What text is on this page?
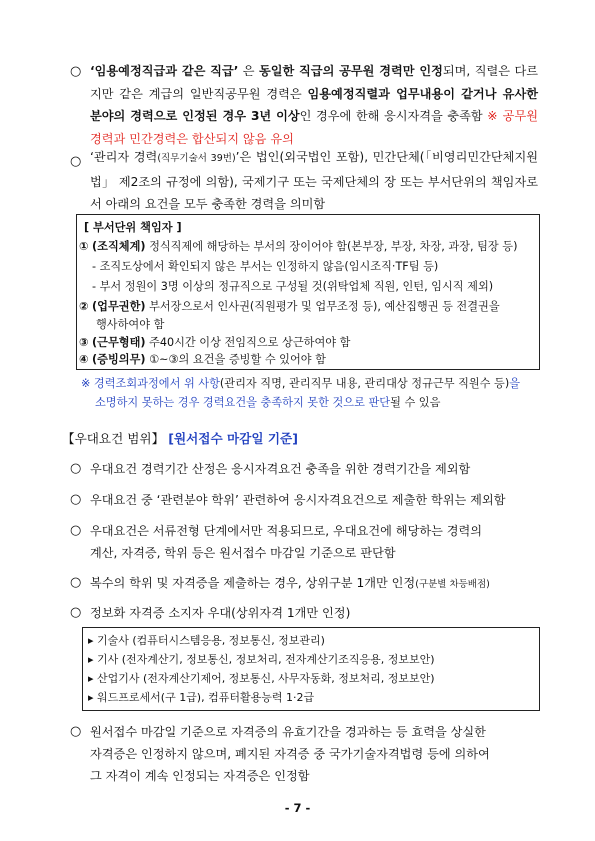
○ ‘임용예정직급과 같은 직급’ 은 동일한 직급의 공무원 경력만 인정되며, 직렬은 다르지만 같은 계급의 일반직공무원 경력은 임용예정직렬과 업무내용이 같거나 유사한 분야의 경력으로 인정된 경우 3년 이상인 경우에 한해 응시자격을 충족함 ※ 공무원경력과 민간경력은 합산되지 않음 유의
○ ‘관리자 경력(직무기술서 39번)’은 법인(외국법인 포함), 민간단체(「비영리민간단체지원법」 제2조의 규정에 의함), 국제기구 또는 국제단체의 장 또는 부서단위의 책임자로서 아래의 요건을 모두 충족한 경력을 의미함
[ 부서단위 책임자 ]
① (조직체계) 정식직제에 해당하는 부서의 장이어야 함(본부장, 부장, 차장, 과장, 팀장 등)
- 조직도상에서 확인되지 않은 부서는 인정하지 않음(임시조직·TF팀 등)
- 부서 정원이 3명 이상의 정규직으로 구성될 것(위탁업체 직원, 인턴, 임시직 제외)
② (업무권한) 부서장으로서 인사권(직원평가 및 업무조정 등), 예산집행권 등 전결권을
행사하여야 함
③ (근무형태) 주40시간 이상 전임직으로 상근하여야 함
④ (증빙의무) ①~③의 요건을 증빙할 수 있어야 함
※ 경력조회과정에서 위 사항(관리자 직명, 관리직무 내용, 관리대상 정규근무 직원수 등)을
소명하지 못하는 경우 경력요건을 충족하지 못한 것으로 판단될 수 있음
【우대요건 범위】 [원서접수 마감일 기준]
○ 우대요건 경력기간 산정은 응시자격요건 충족을 위한 경력기간을 제외함
○ 우대요건 중 ‘관련분야 학위’ 관련하여 응시자격요건으로 제출한 학위는 제외함
○ 우대요건은 서류전형 단계에서만 적용되므로, 우대요건에 해당하는 경력의
계산, 자격증, 학위 등은 원서접수 마감일 기준으로 판단함
○ 복수의 학위 및 자격증을 제출하는 경우, 상위구분 1개만 인정(구분별 차등배점)
○ 정보화 자격증 소지자 우대(상위자격 1개만 인정)
▸ 기술사 (컴퓨터시스템응용, 정보통신, 정보관리)
▸ 기사 (전자계산기, 정보통신, 정보처리, 전자계산기조직응용, 정보보안)
▸ 산업기사 (전자계산기제어, 정보통신, 사무자동화, 정보처리, 정보보안)
▸ 워드프로세서(구 1급), 컴퓨터활용능력 1·2급
○ 원서접수 마감일 기준으로 자격증의 유효기간을 경과하는 등 효력을 상실한
자격증은 인정하지 않으며, 폐지된 자격증 중 국가기술자격법령 등에 의하여
그 자격이 계속 인정되는 자격증은 인정함
- 7 -
